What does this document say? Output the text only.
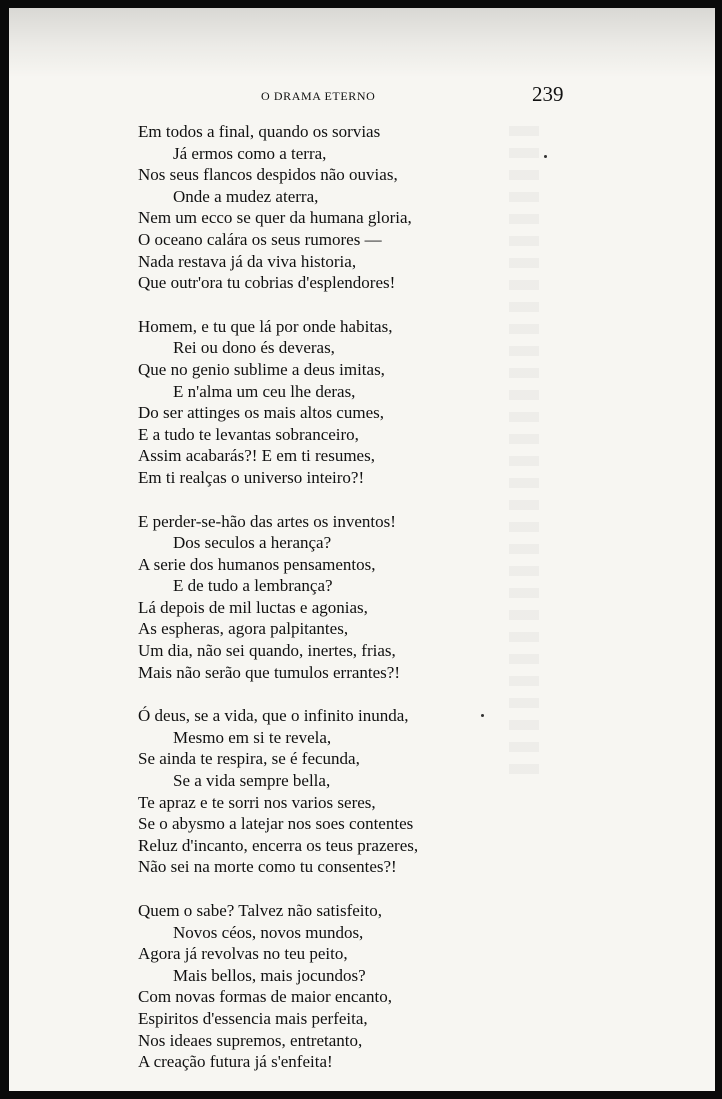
O DRAMA ETERNO	239
Em todos a final, quando os sorvias
Já ermos como a terra,
Nos seus flancos despidos não ouvias,
Onde a mudez aterra,
Nem um ecco se quer da humana gloria,
O oceano calára os seus rumores —
Nada restava já da viva historia,
Que outr'ora tu cobrias d'esplendores!
Homem, e tu que lá por onde habitas,
Rei ou dono és deveras,
Que no genio sublime a deus imitas,
E n'alma um ceu lhe deras,
Do ser attinges os mais altos cumes,
E a tudo te levantas sobranceiro,
Assim acabarás?! E em ti resumes,
Em ti realças o universo inteiro?!
E perder-se-hão das artes os inventos!
Dos seculos a herança?
A serie dos humanos pensamentos,
E de tudo a lembrança?
Lá depois de mil luctas e agonias,
As espheras, agora palpitantes,
Um dia, não sei quando, inertes, frias,
Mais não serão que tumulos errantes?!
Ó deus, se a vida, que o infinito inunda,
Mesmo em si te revela,
Se ainda te respira, se é fecunda,
Se a vida sempre bella,
Te apraz e te sorri nos varios seres,
Se o abysmo a latejar nos soes contentes
Reluz d'incanto, encerra os teus prazeres,
Não sei na morte como tu consentes?!
Quem o sabe? Talvez não satisfeito,
Novos céos, novos mundos,
Agora já revolvas no teu peito,
Mais bellos, mais jocundos?
Com novas formas de maior encanto,
Espiritos d'essencia mais perfeita,
Nos ideaes supremos, entretanto,
A creação futura já s'enfeita!
